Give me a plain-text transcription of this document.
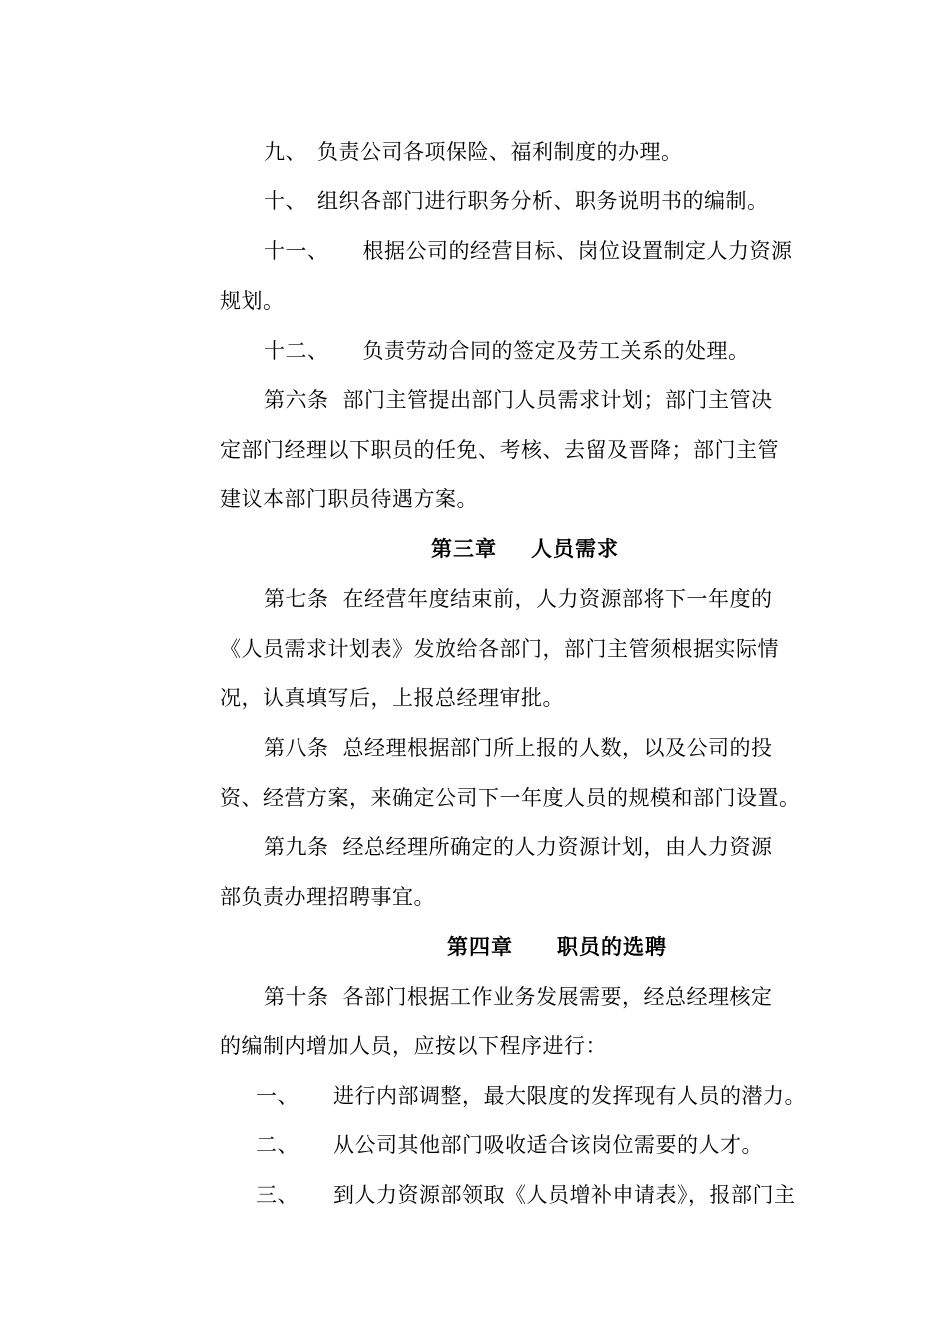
九、 负责公司各项保险、福利制度的办理。
十、 组织各部门进行职务分析、职务说明书的编制。
十一、 根据公司的经营目标、岗位设置制定人力资源
规划。
十二、 负责劳动合同的签定及劳工关系的处理。
第六条 部门主管提出部门人员需求计划；部门主管决
定部门经理以下职员的任免、考核、去留及晋降；部门主管
建议本部门职员待遇方案。
第三章 人员需求
第七条 在经营年度结束前，人力资源部将下一年度的
《人员需求计划表》发放给各部门，部门主管须根据实际情
况，认真填写后，上报总经理审批。
第八条 总经理根据部门所上报的人数，以及公司的投
资、经营方案，来确定公司下一年度人员的规模和部门设置。
第九条 经总经理所确定的人力资源计划，由人力资源
部负责办理招聘事宜。
第四章 职员的选聘
第十条 各部门根据工作业务发展需要，经总经理核定
的编制内增加人员，应按以下程序进行：
一、 进行内部调整，最大限度的发挥现有人员的潜力。
二、 从公司其他部门吸收适合该岗位需要的人才。
三、 到人力资源部领取《人员增补申请表》，报部门主
